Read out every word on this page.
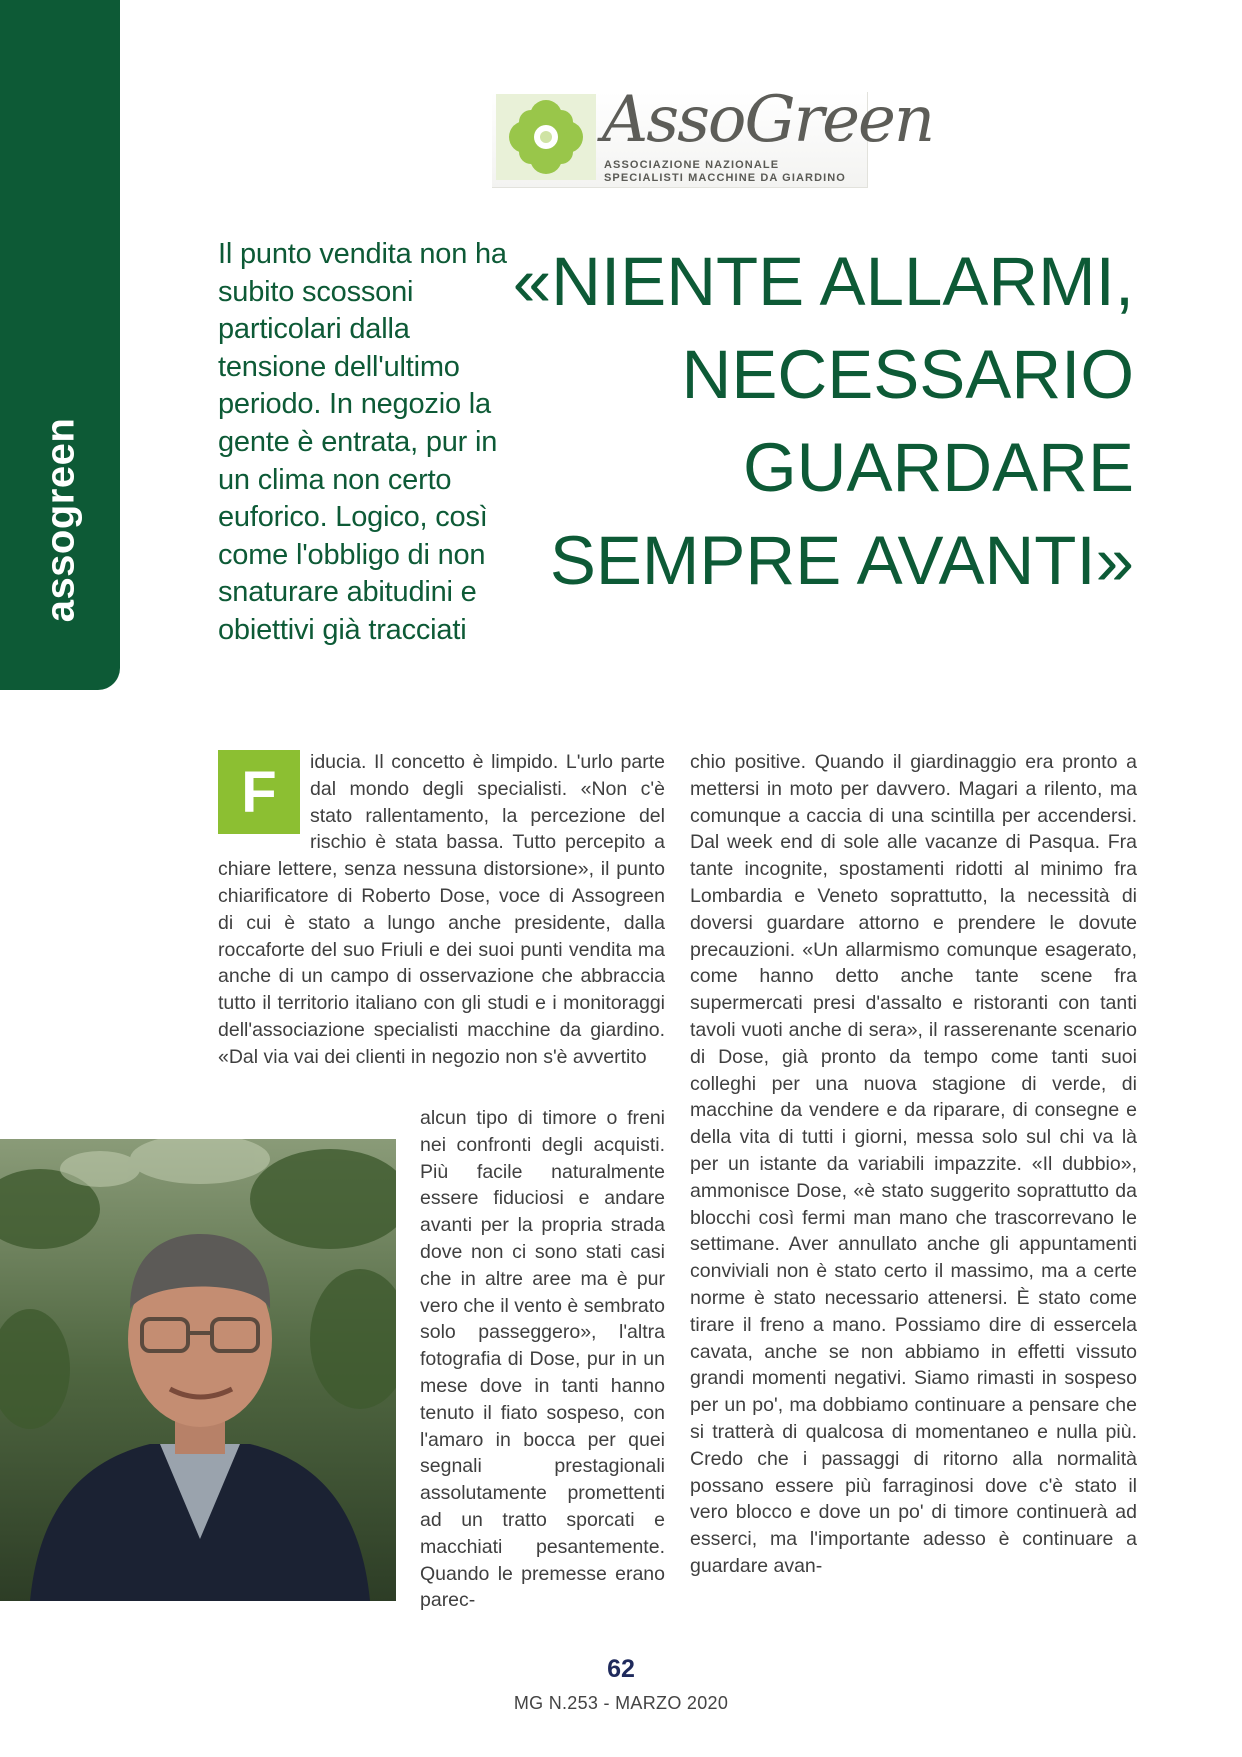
assogreen
AssoGreen
ASSOCIAZIONE NAZIONALE
SPECIALISTI MACCHINE DA GIARDINO
Il punto vendita non ha subito scossoni particolari dalla tensione dell'ultimo periodo. In negozio la gente è entrata, pur in un clima non certo euforico. Logico, così come l'obbligo di non snaturare abitudini e obiettivi già tracciati
«NIENTE ALLARMI,
NECESSARIO
GUARDARE
SEMPRE AVANTI»
F	iducia. Il concetto è limpido. L'urlo parte dal mondo degli specialisti. «Non c'è stato rallentamento, la percezione del rischio è stata bassa. Tutto percepito a chiare lettere, senza nessuna distorsione», il punto chiarificatore di Roberto Dose, voce di Assogreen di cui è stato a lungo anche presidente, dalla roccaforte del suo Friuli e dei suoi punti vendita ma anche di un campo di osservazione che abbraccia tutto il territorio italiano con gli studi e i monitoraggi dell'associazione specialisti macchine da giardino. «Dal via vai dei clienti in negozio non s'è avvertito

alcun tipo di timore o freni nei confronti degli acquisti. Più facile naturalmente essere fiduciosi e andare avanti per la propria strada dove non ci sono stati casi che in altre aree ma è pur vero che il vento è sembrato solo passeggero», l'altra fotografia di Dose, pur in un mese dove in tanti hanno tenuto il fiato sospeso, con l'amaro in bocca per quei segnali prestagionali assolutamente promettenti ad un tratto sporcati e macchiati pesantemente. Quando le premesse erano parec-

chio positive. Quando il giardinaggio era pronto a mettersi in moto per davvero. Magari a rilento, ma comunque a caccia di una scintilla per accendersi. Dal week end di sole alle vacanze di Pasqua. Fra tante incognite, spostamenti ridotti al minimo fra Lombardia e Veneto soprattutto, la necessità di doversi guardare attorno e prendere le dovute precauzioni. «Un allarmismo comunque esagerato, come hanno detto anche tante scene fra supermercati presi d'assalto e ristoranti con tanti tavoli vuoti anche di sera», il rasserenante scenario di Dose, già pronto da tempo come tanti suoi colleghi per una nuova stagione di verde, di macchine da vendere e da riparare, di consegne e della vita di tutti i giorni, messa solo sul chi va là per un istante da variabili impazzite. «Il dubbio», ammonisce Dose, «è stato suggerito soprattutto da blocchi così fermi man mano che trascorrevano le settimane. Aver annullato anche gli appuntamenti conviviali non è stato certo il massimo, ma a certe norme è stato necessario attenersi. È stato come tirare il freno a mano. Possiamo dire di essercela cavata, anche se non abbiamo in effetti vissuto grandi momenti negativi. Siamo rimasti in sospeso per un po', ma dobbiamo continuare a pensare che si tratterà di qualcosa di momentaneo e nulla più. Credo che i passaggi di ritorno alla normalità possano essere più farraginosi dove c'è stato il vero blocco e dove un po' di timore continuerà ad esserci, ma l'importante adesso è continuare a guardare avan-

62
MG N.253 - MARZO 2020
